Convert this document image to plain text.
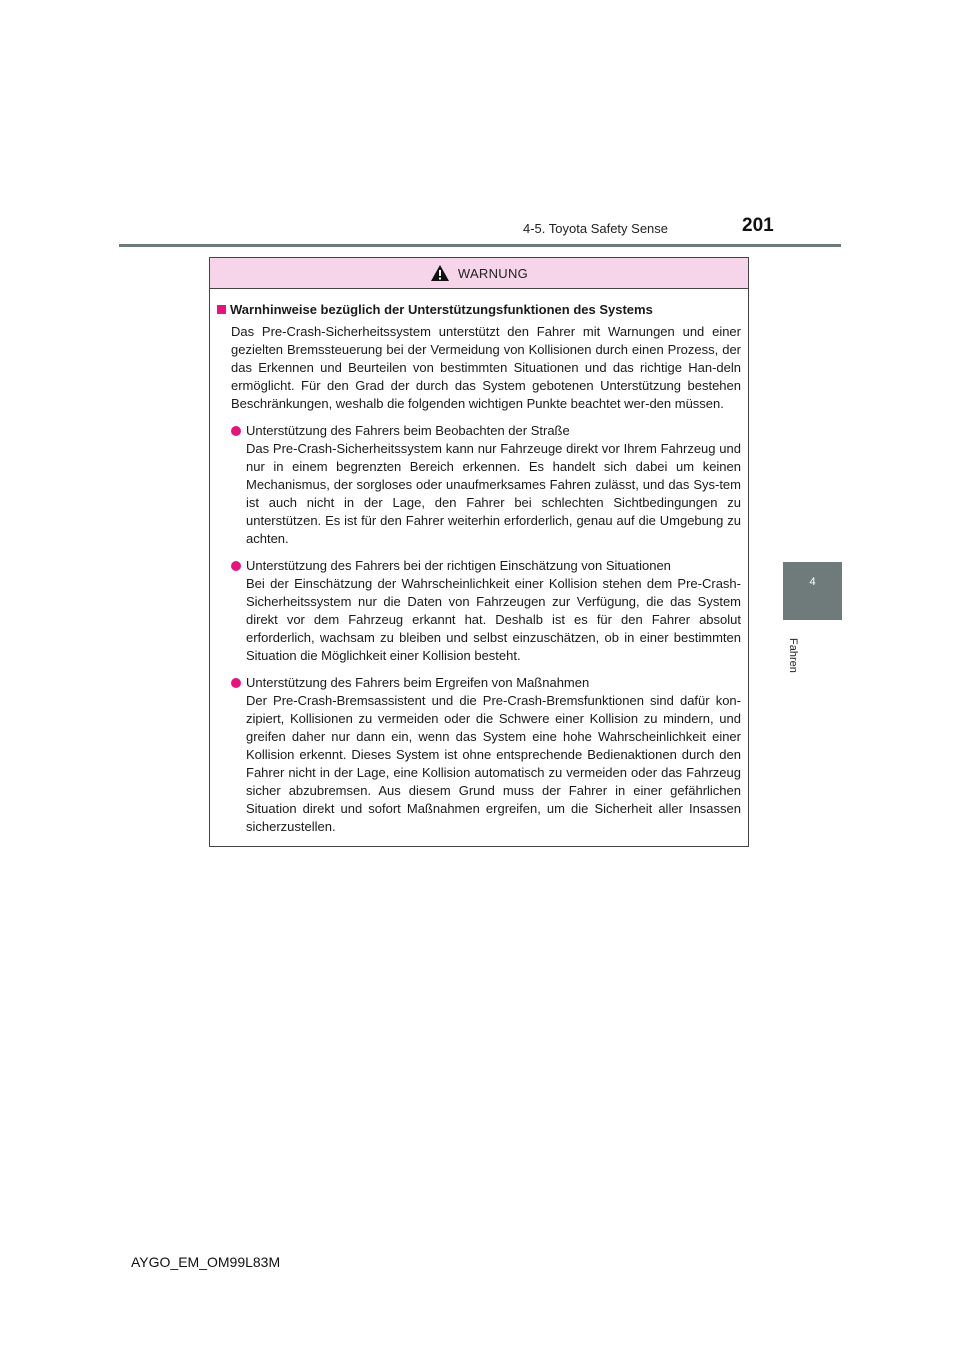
4-5. Toyota Safety Sense	201
4
Fahren
WARNUNG
Warnhinweise bezüglich der Unterstützungsfunktionen des Systems
Das Pre-Crash-Sicherheitssystem unterstützt den Fahrer mit Warnungen und einer gezielten Bremssteuerung bei der Vermeidung von Kollisionen durch einen Prozess, der das Erkennen und Beurteilen von bestimmten Situationen und das richtige Han-deln ermöglicht. Für den Grad der durch das System gebotenen Unterstützung bestehen Beschränkungen, weshalb die folgenden wichtigen Punkte beachtet wer-den müssen.
Unterstützung des Fahrers beim Beobachten der Straße
Das Pre-Crash-Sicherheitssystem kann nur Fahrzeuge direkt vor Ihrem Fahrzeug und nur in einem begrenzten Bereich erkennen. Es handelt sich dabei um keinen Mechanismus, der sorgloses oder unaufmerksames Fahren zulässt, und das Sys-tem ist auch nicht in der Lage, den Fahrer bei schlechten Sichtbedingungen zu unterstützen. Es ist für den Fahrer weiterhin erforderlich, genau auf die Umgebung zu achten.
Unterstützung des Fahrers bei der richtigen Einschätzung von Situationen
Bei der Einschätzung der Wahrscheinlichkeit einer Kollision stehen dem Pre-Crash-Sicherheitssystem nur die Daten von Fahrzeugen zur Verfügung, die das System direkt vor dem Fahrzeug erkannt hat. Deshalb ist es für den Fahrer absolut erforderlich, wachsam zu bleiben und selbst einzuschätzen, ob in einer bestimmten Situation die Möglichkeit einer Kollision besteht.
Unterstützung des Fahrers beim Ergreifen von Maßnahmen
Der Pre-Crash-Bremsassistent und die Pre-Crash-Bremsfunktionen sind dafür kon-zipiert, Kollisionen zu vermeiden oder die Schwere einer Kollision zu mindern, und greifen daher nur dann ein, wenn das System eine hohe Wahrscheinlichkeit einer Kollision erkennt. Dieses System ist ohne entsprechende Bedienaktionen durch den Fahrer nicht in der Lage, eine Kollision automatisch zu vermeiden oder das Fahrzeug sicher abzubremsen. Aus diesem Grund muss der Fahrer in einer gefährlichen Situation direkt und sofort Maßnahmen ergreifen, um die Sicherheit aller Insassen sicherzustellen.
AYGO_EM_OM99L83M
